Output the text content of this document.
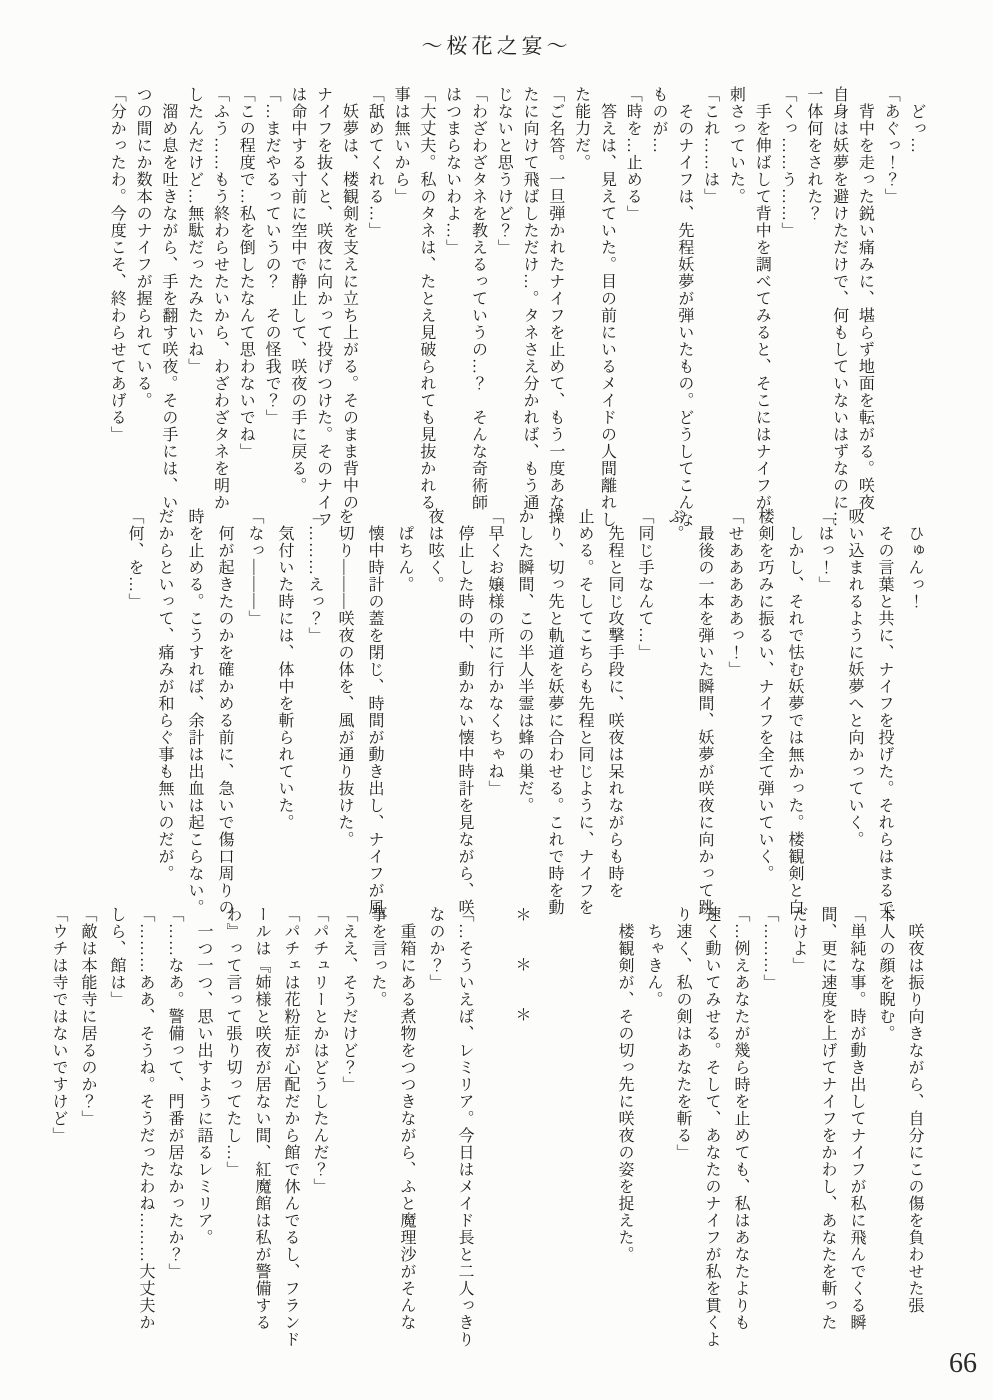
～桜花之宴～

　どっ…

「あぐっ！？」

　背中を走った鋭い痛みに、堪らず地面を転がる。咲夜

自身は妖夢を避けただけで、何もしていないはずなのに…

一体何をされた？

「くっ……う……」

　手を伸ばして背中を調べてみると、そこにはナイフが

刺さっていた。

「これ……は」

　そのナイフは、先程妖夢が弾いたもの。どうしてこんな

ものが…

「時を…止める」

　答えは、見えていた。目の前にいるメイドの人間離れし

た能力だ。

「ご名答。一旦弾かれたナイフを止めて、もう一度あな

たに向けて飛ばしただけ…。タネさえ分かれば、もう通

じないと思うけど？」

「わざわざタネを教えるっていうの…？　そんな奇術師

はつまらないわよ…」

「大丈夫。私のタネは、たとえ見破られても見抜かれる

事は無いから」

「舐めてくれる…」

　妖夢は、楼観剣を支えに立ち上がる。そのまま背中の

ナイフを抜くと、咲夜に向かって投げつけた。そのナイフ

は命中する寸前に空中で静止して、咲夜の手に戻る。

「…まだやるっていうの？　その怪我で？」

「この程度で…私を倒したなんて思わないでね」

「ふう……もう終わらせたいから、わざわざタネを明か

したんだけど…無駄だったみたいね」

　溜め息を吐きながら、手を翻す咲夜。その手には、い

つの間にか数本のナイフが握られている。

「分かったわ。今度こそ、終わらせてあげる」

　ひゅんっ！

　その言葉と共に、ナイフを投げた。それらはまるで、

吸い込まれるように妖夢へと向かっていく。

「はっ！」

　しかし、それで怯む妖夢では無かった。楼観剣と白

楼剣を巧みに振るい、ナイフを全て弾いていく。

「せあああああっ！」

　最後の一本を弾いた瞬間、妖夢が咲夜に向かって跳

ぶ。

「同じ手なんて…」

　先程と同じ攻撃手段に、咲夜は呆れながらも時を

止める。そしてこちらも先程と同じように、ナイフを

操り、切っ先と軌道を妖夢に合わせる。これで時を動

かした瞬間、この半人半霊は蜂の巣だ。

「早くお嬢様の所に行かなくちゃね」

　停止した時の中、動かない懐中時計を見ながら、咲

夜は呟く。

　ぱちん。

　懐中時計の蓋を閉じ、時間が動き出し、ナイフが風

を切り―――咲夜の体を、風が通り抜けた。

「………えっ？」

　気付いた時には、体中を斬られていた。

「なっ―――」

　何が起きたのかを確かめる前に、急いで傷口周りの

時を止める。こうすれば、余計は出血は起こらない。

だからといって、痛みが和らぐ事も無いのだが。

「何、を…」

　咲夜は振り向きながら、自分にこの傷を負わせた張

本人の顔を睨む。

「単純な事。時が動き出してナイフが私に飛んでくる瞬

間、更に速度を上げてナイフをかわし、あなたを斬った

だけよ」

「………」

「…例えあなたが幾ら時を止めても、私はあなたよりも

速く動いてみせる。そして、あなたのナイフが私を貫くよ

り速く、私の剣はあなたを斬る」

　ちゃきん。

　楼観剣が、その切っ先に咲夜の姿を捉えた。

＊＊＊

「…そういえば、レミリア。今日はメイド長と二人っきり

なのか？」

　重箱にある煮物をつつきながら、ふと魔理沙がそんな

事を言った。

「ええ、そうだけど？」

「パチュリーとかはどうしたんだ？」

「パチェは花粉症が心配だから館で休んでるし、フランド

ールは『姉様と咲夜が居ない間、紅魔館は私が警備する

わ』って言って張り切ってたし…」

　一つ一つ、思い出すように語るレミリア。

「……なあ。警備って、門番が居なかったか？」

「………ああ、そうね。そうだったわね………大丈夫か

しら、館は」

「敵は本能寺に居るのか？」

「ウチは寺ではないですけど」

66
